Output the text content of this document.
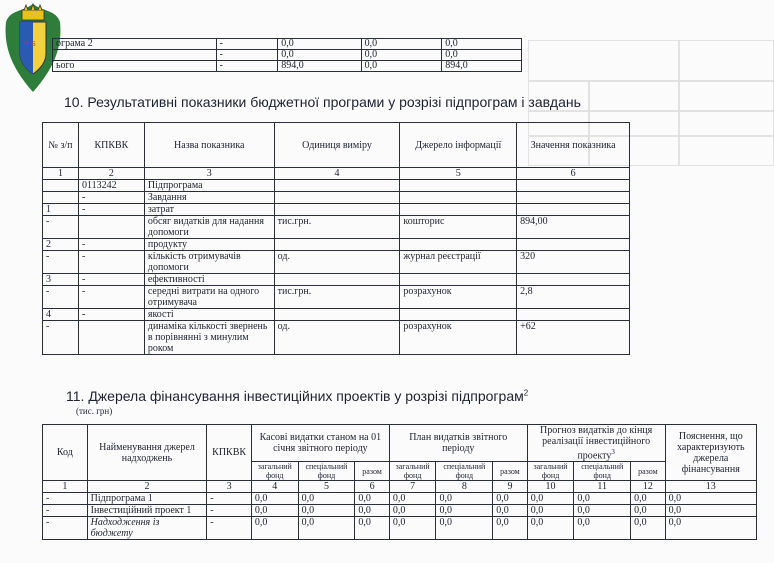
Ч Б ограма 2	-	0,0	0,0	0,0
	-	0,0	0,0	0,0
ього	-	894,0	0,0	894,0
10. Результативні показники бюджетної програми у розрізі підпрограм і завдань
№ з/п	КПКВК	Назва показника	Одиниця виміру	Джерело інформації	Значення показника
1	2	3	4	5	6
	0113242	Підпрограма			
	-	Завдання			
1	-	затрат			
-		обсяг видатків для надання допомоги	тис.грн.	кошторис	894,00
2	-	продукту			
-	-	кількість отримувачів допомоги	од.	журнал реєстрації	320
3	-	ефективності			
-	-	середні витрати на одного отримувача	тис.грн.	розрахунок	2,8
4	-	якості			
-		динаміка кількості звернень в порівнянні з минулим роком	од.	розрахунок	+62
11. Джерела фінансування інвестиційних проектів у розрізі підпрограм$^2$
(тис. грн)
Код	Найменування джерел надходжень	КПКВК	Касові видатки станом на 01 січня звітного періоду			План видатків звітного періоду			Прогноз видатків до кінця реалізації інвестиційного проекту$^3$			Пояснення, що характеризують джерела фінансування
			загальний фонд	спеціальний фонд	разом	загальний фонд	спеціальний фонд	разом	загальний фонд	спеціальний фонд	разом	
1	2	3	4	5	6	7	8	9	10	11	12	13
-	Підпрограма 1	-	0,0	0,0	0,0	0,0	0,0	0,0	0,0	0,0	0,0	0,0
-	Інвестиційний проект 1	-	0,0	0,0	0,0	0,0	0,0	0,0	0,0	0,0	0,0	0,0
-	Надходження із бюджету	-	0,0	0,0	0,0	0,0	0,0	0,0	0,0	0,0	0,0	0,0
